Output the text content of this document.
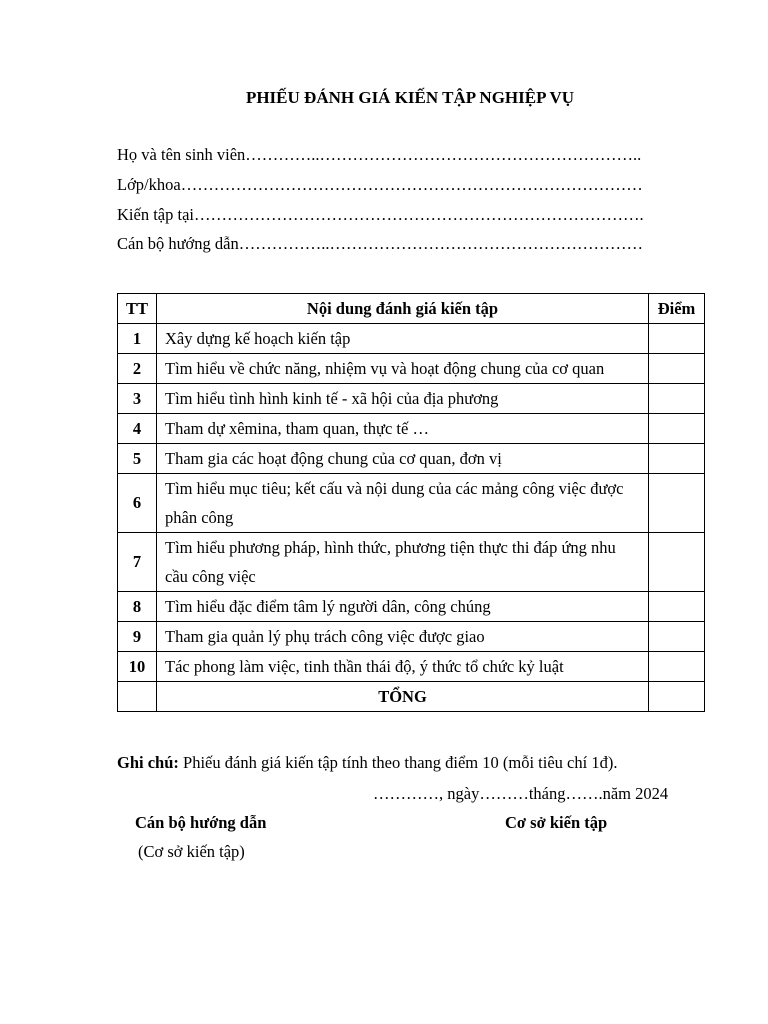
PHIẾU ĐÁNH GIÁ KIẾN TẬP NGHIỆP VỤ
Họ và tên sinh viên…………..…………………………………………………..
Lớp/khoa…………………………………………………………………………
Kiến tập tại……………………………………………………………………….
Cán bộ hướng dẫn……………..…………………………………………………
TT	Nội dung đánh giá kiến tập	Điểm
1	Xây dựng kế hoạch kiến tập	
2	Tìm hiểu về chức năng, nhiệm vụ và hoạt động chung của cơ quan	
3	Tìm hiểu tình hình kinh tế - xã hội của địa phương	
4	Tham dự xêmina, tham quan, thực tế …	
5	Tham gia các hoạt động chung của cơ quan, đơn vị	
6	Tìm hiểu mục tiêu; kết cấu và nội dung của các mảng công việc được phân công	
7	Tìm hiểu phương pháp, hình thức, phương tiện thực thi đáp ứng nhu cầu công việc	
8	Tìm hiểu đặc điểm tâm lý người dân, công chúng	
9	Tham gia quản lý phụ trách công việc được giao	
10	Tác phong làm việc, tinh thần thái độ, ý thức tổ chức kỷ luật	
	TỔNG	
Ghi chú: Phiếu đánh giá kiến tập tính theo thang điểm 10 (mỗi tiêu chí 1đ).
…………, ngày………tháng…….năm 2024
Cán bộ hướng dẫn
(Cơ sở kiến tập)
Cơ sở kiến tập
